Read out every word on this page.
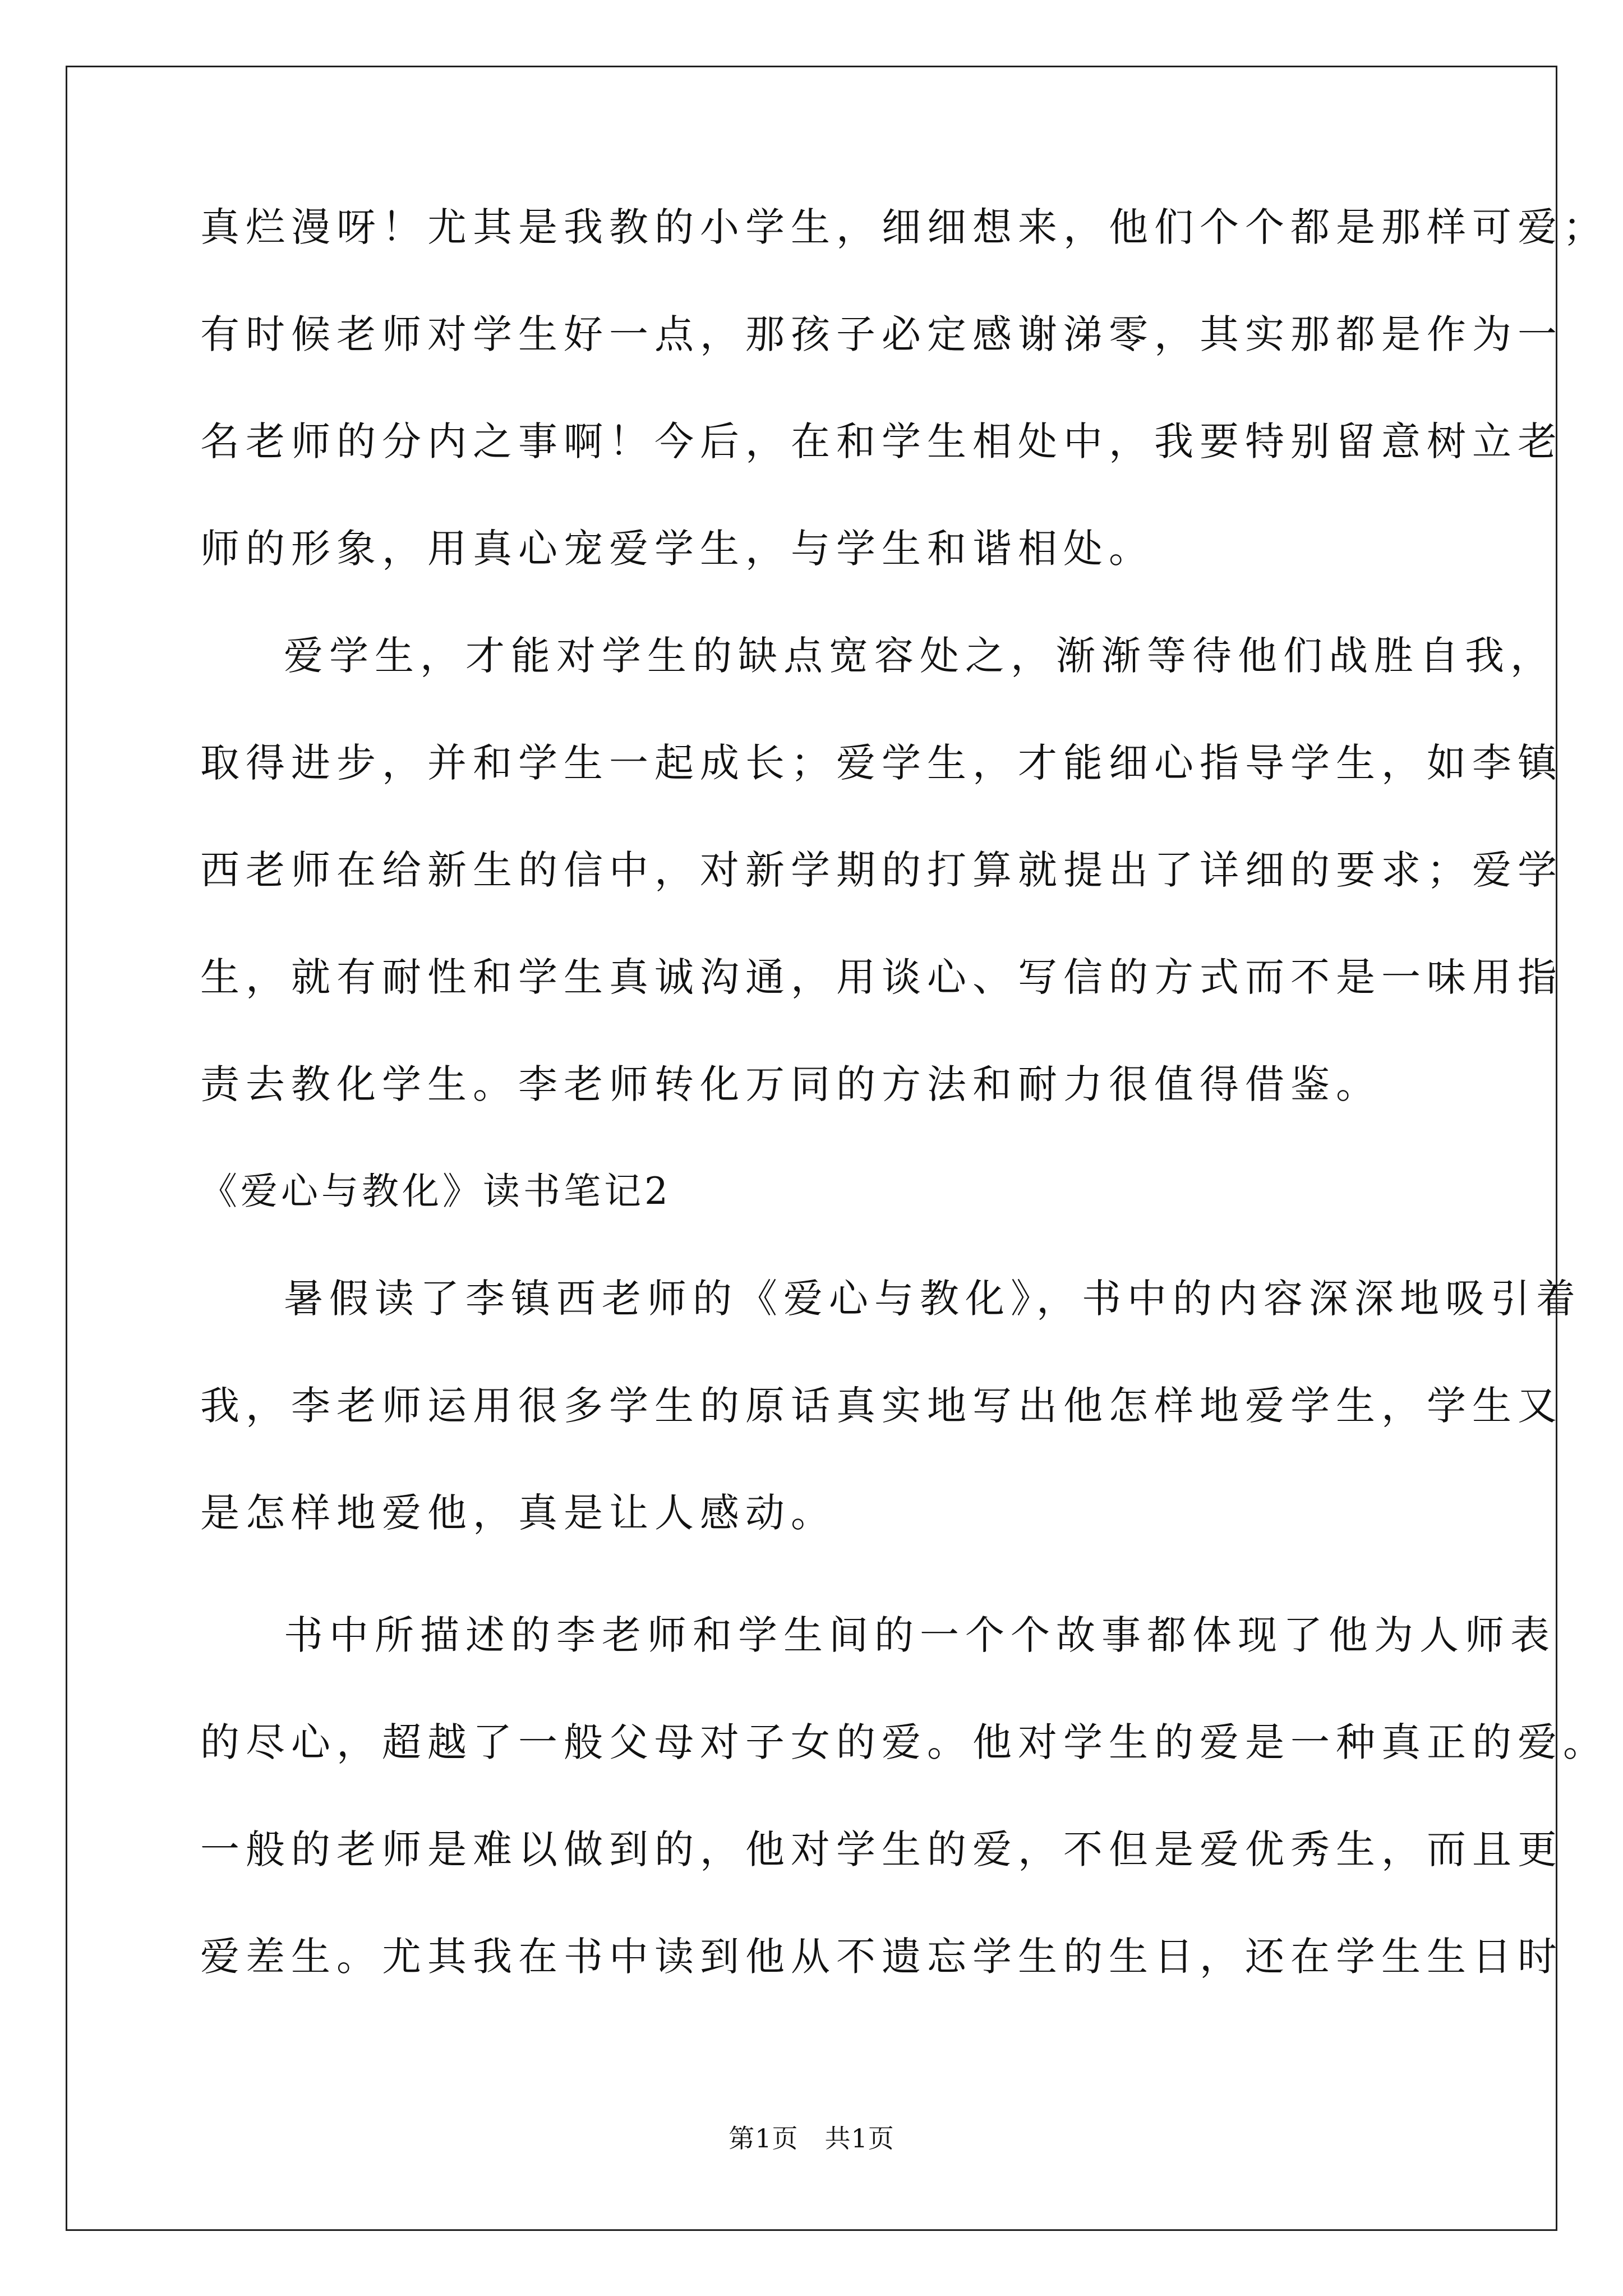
真烂漫呀！尤其是我教的小学生，细细想来，他们个个都是那样可爱；
有时候老师对学生好一点，那孩子必定感谢涕零，其实那都是作为一
名老师的分内之事啊！今后，在和学生相处中，我要特别留意树立老
师的形象，用真心宠爱学生，与学生和谐相处。
爱学生，才能对学生的缺点宽容处之，渐渐等待他们战胜自我，
取得进步，并和学生一起成长；爱学生，才能细心指导学生，如李镇
西老师在给新生的信中，对新学期的打算就提出了详细的要求；爱学
生，就有耐性和学生真诚沟通，用谈心、写信的方式而不是一味用指
责去教化学生。李老师转化万同的方法和耐力很值得借鉴。
《爱心与教化》读书笔记2
暑假读了李镇西老师的《爱心与教化》，书中的内容深深地吸引着
我，李老师运用很多学生的原话真实地写出他怎样地爱学生，学生又
是怎样地爱他，真是让人感动。
书中所描述的李老师和学生间的一个个故事都体现了他为人师表
的尽心，超越了一般父母对子女的爱。他对学生的爱是一种真正的爱。
一般的老师是难以做到的，他对学生的爱，不但是爱优秀生，而且更
爱差生。尤其我在书中读到他从不遗忘学生的生日，还在学生生日时
第1页　共1页
